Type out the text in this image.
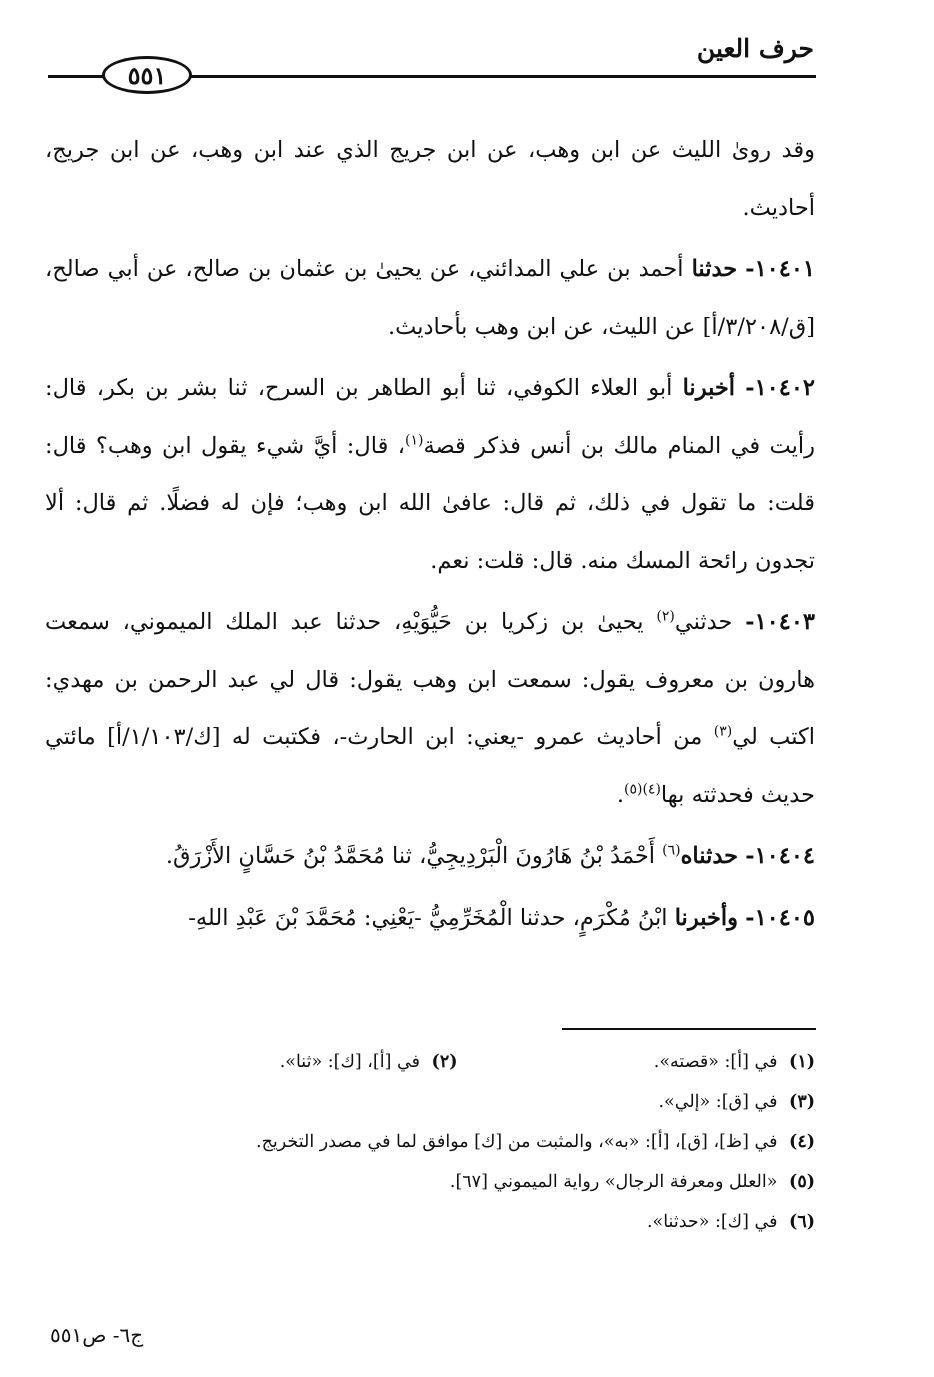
حرف العين
٥٥١

وقد روىٰ الليث عن ابن وهب، عن ابن جريج الذي عند ابن وهب، عن ابن جريج، أحاديث.

١٠٤٠١- حدثنا أحمد بن علي المدائني، عن يحيىٰ بن عثمان بن صالح، عن أبي صالح، [ق/٣/٢٠٨/أ] عن الليث، عن ابن وهب بأحاديث.

١٠٤٠٢- أخبرنا أبو العلاء الكوفي، ثنا أبو الطاهر بن السرح، ثنا بشر بن بكر، قال: رأيت في المنام مالك بن أنس فذكر قصة$^{(١)}$، قال: أيَّ شيء يقول ابن وهب؟ قال: قلت: ما تقول في ذلك، ثم قال: عافىٰ الله ابن وهب؛ فإن له فضلًا. ثم قال: ألا تجدون رائحة المسك منه. قال: قلت: نعم.

١٠٤٠٣- حدثني$^{(٢)}$ يحيىٰ بن زكريا بن حَيُّوَيْهِ، حدثنا عبد الملك الميموني، سمعت هارون بن معروف يقول: سمعت ابن وهب يقول: قال لي عبد الرحمن بن مهدي: اكتب لي$^{(٣)}$ من أحاديث عمرو -يعني: ابن الحارث-، فكتبت له [ك/١/١٠٣/أ] مائتي حديث فحدثته بها$^{(٤)(٥)}$.

١٠٤٠٤- حدثناه$^{(٦)}$ أَحْمَدُ بْنُ هَارُونَ الْبَرْدِيجِيُّ، ثنا مُحَمَّدُ بْنُ حَسَّانٍ الأَزْرَقُ.

١٠٤٠٥- وأخبرنا ابْنُ مُكْرَمٍ، حدثنا الْمُخَرِّمِيُّ -يَعْنِي: مُحَمَّدَ بْنَ عَبْدِ اللهِ-

(١) في [أ]: «قصته».
(٢) في [أ]، [ك]: «ثنا».
(٣) في [ق]: «إلي».
(٤) في [ظ]، [ق]، [أ]: «به»، والمثبت من [ك] موافق لما في مصدر التخريج.
(٥) «العلل ومعرفة الرجال» رواية الميموني [٦٧].
(٦) في [ك]: «حدثنا».
ج٦- ص٥٥١
